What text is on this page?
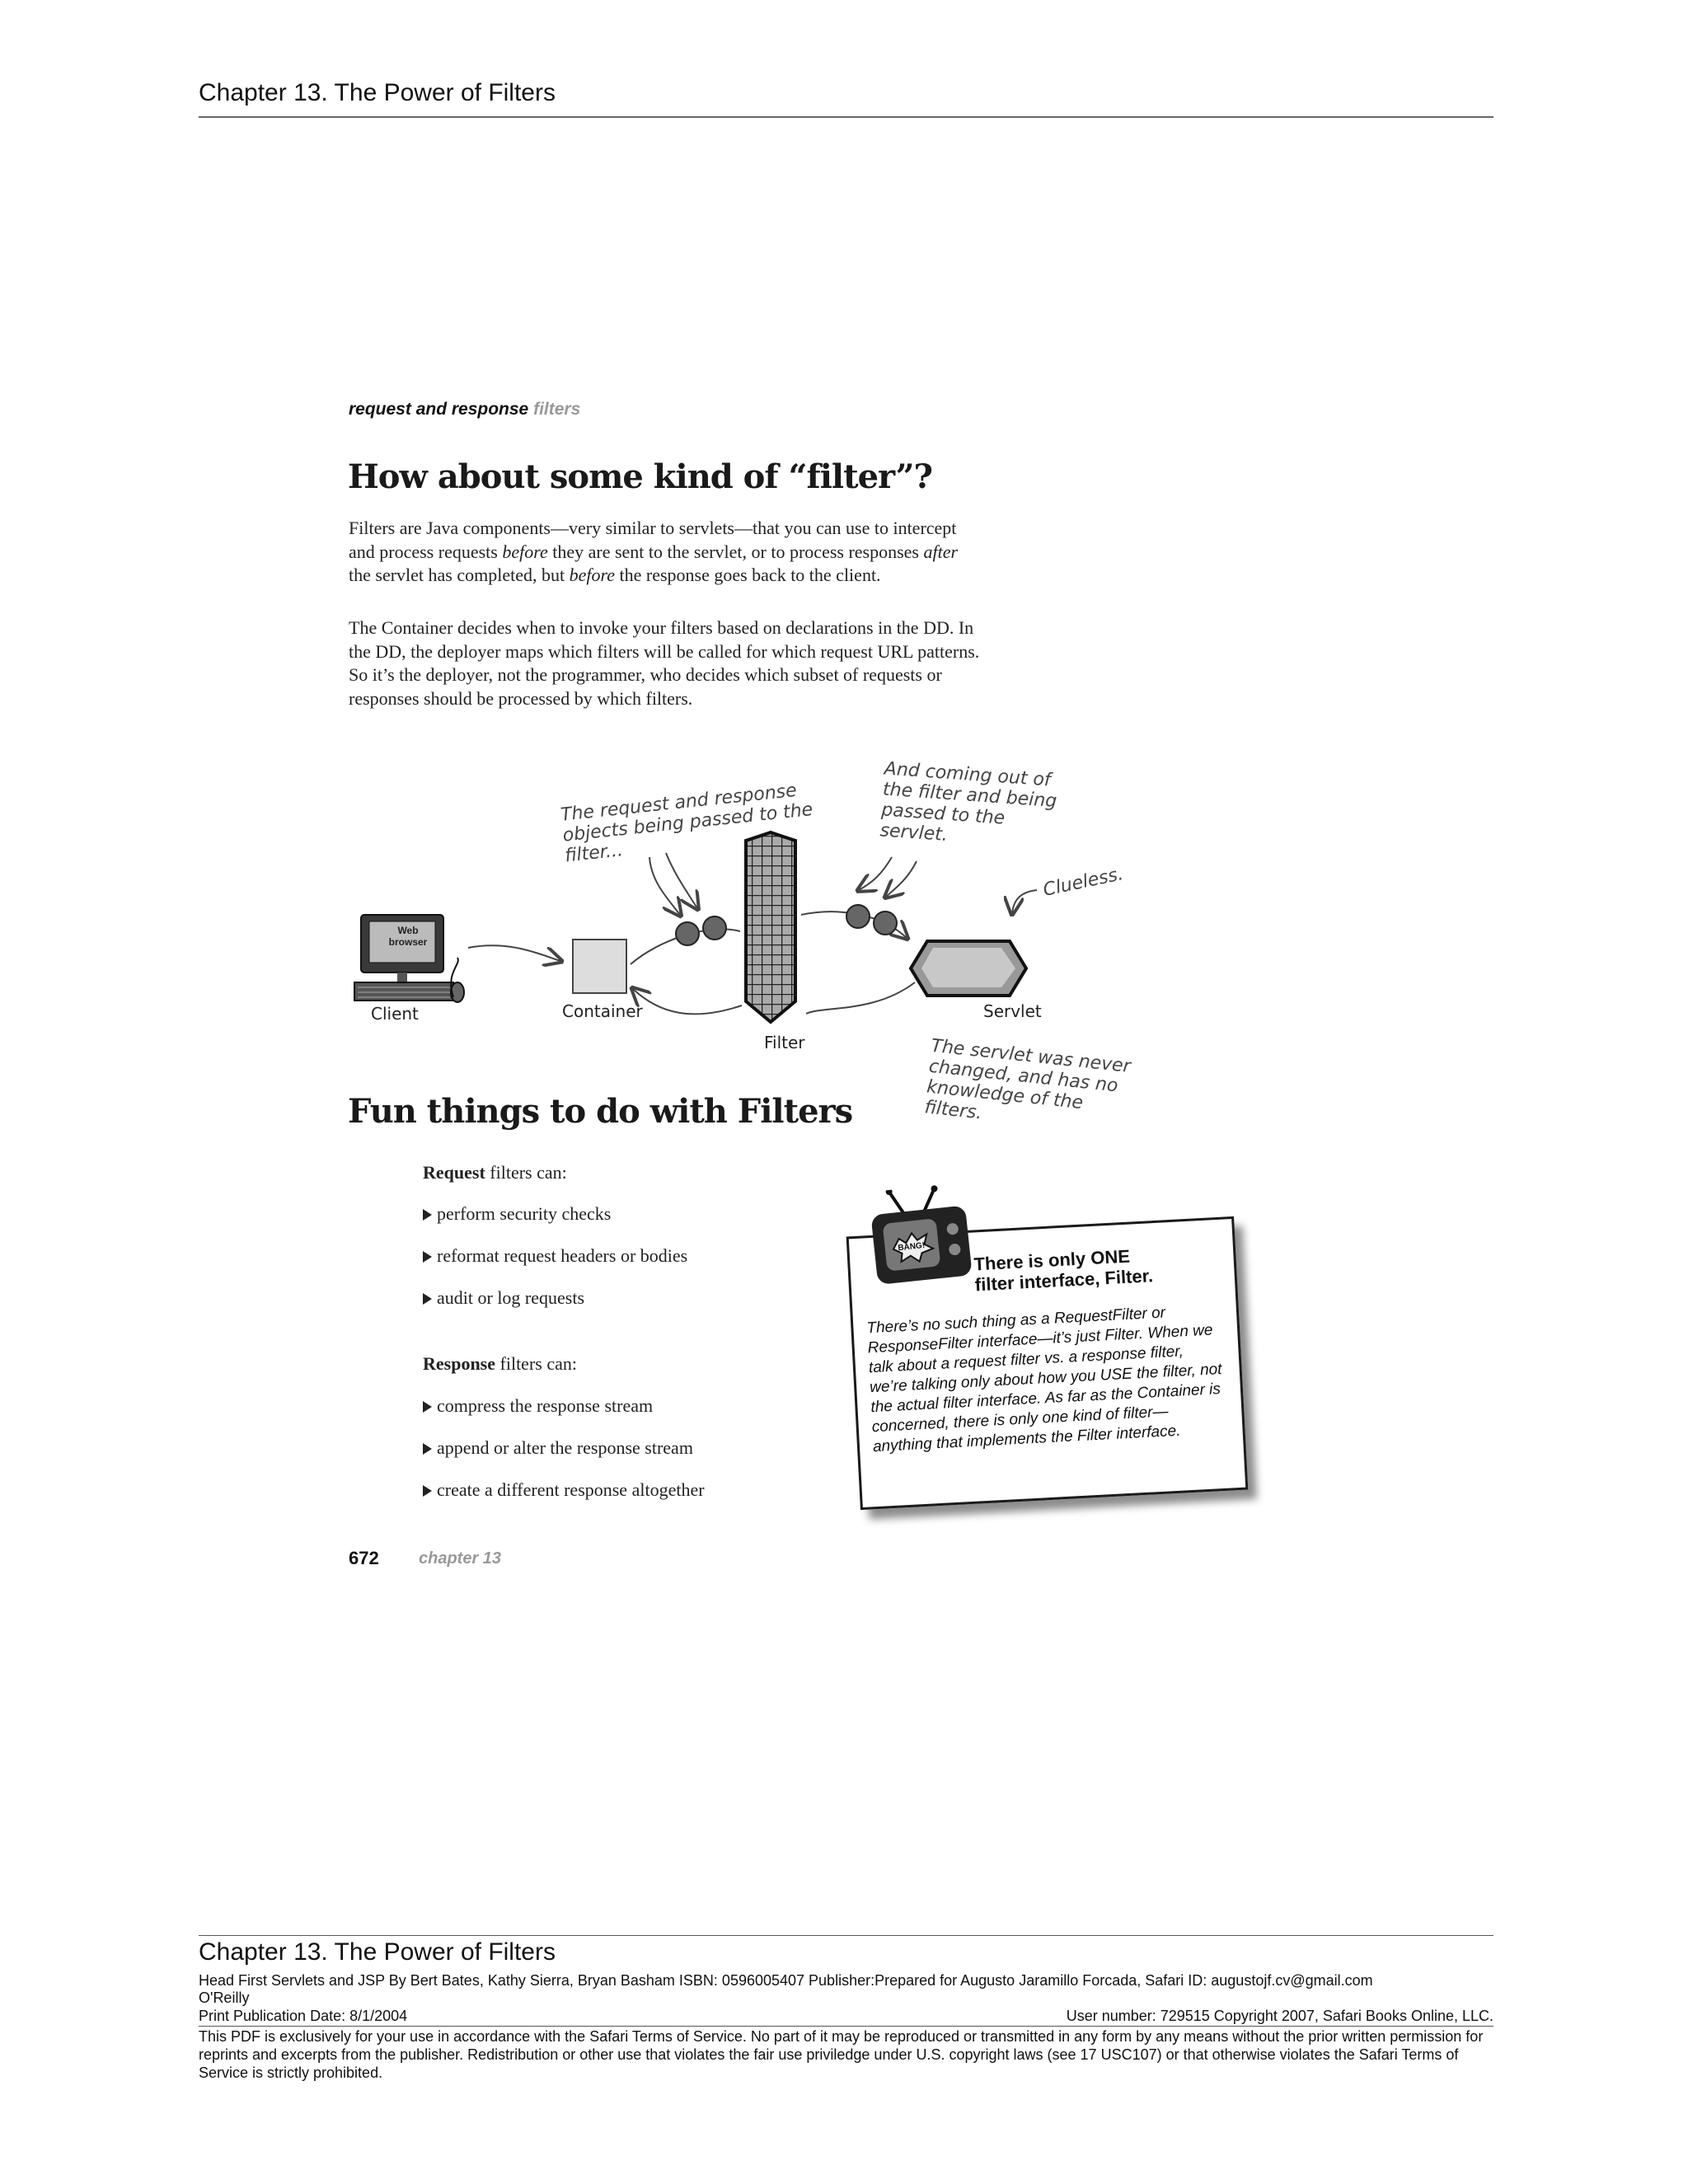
Chapter 13. The Power of Filters
request and response filters
How about some kind of “filter”?

Filters are Java components—very similar to servlets—that you can use to intercept and process requests before they are sent to the servlet, or to process responses after the servlet has completed, but before the response goes back to the client.

The Container decides when to invoke your filters based on declarations in the DD. In the DD, the deployer maps which filters will be called for which request URL patterns. So it’s the deployer, not the programmer, who decides which subset of requests or responses should be processed by which filters.

Web browser
The request and response objects being passed to the filter...
And coming out of the filter and being passed to the servlet.
Clueless.
The servlet was never changed, and has no knowledge of the filters.
Client	Container
Filter
Servlet
Fun things to do with Filters
Request filters can:
perform security checks
reformat request headers or bodies
audit or log requests
Response filters can:
compress the response stream
append or alter the response stream
create a different response altogether
There is only ONE filter interface, Filter.
There’s no such thing as a RequestFilter or ResponseFilter interface—it’s just Filter. When we talk about a request filter vs. a response filter, we’re talking only about how you USE the filter, not the actual filter interface. As far as the Container is concerned, there is only one kind of filter—anything that implements the Filter interface.
BANG!
672 chapter 13
Chapter 13. The Power of Filters
Head First Servlets and JSP By Bert Bates, Kathy Sierra, Bryan Basham ISBN: 0596005407 Publisher:Prepared for Augusto Jaramillo Forcada, Safari ID: augustojf.cv@gmail.com
O'Reilly
Print Publication Date: 8/1/2004	User number: 729515 Copyright 2007, Safari Books Online, LLC.
This PDF is exclusively for your use in accordance with the Safari Terms of Service. No part of it may be reproduced or transmitted in any form by any means without the prior written permission for reprints and excerpts from the publisher. Redistribution or other use that violates the fair use priviledge under U.S. copyright laws (see 17 USC107) or that otherwise violates the Safari Terms of Service is strictly prohibited.
